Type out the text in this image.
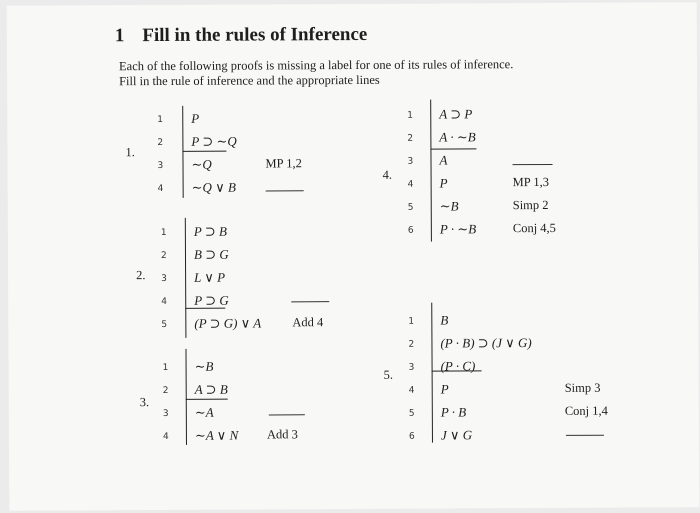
1 Fill in the rules of Inference
Each of the following proofs is missing a label for one of its rules of inference.
Fill in the rule of inference and the appropriate lines
1.
1 P
2 P ⊃ ∼Q
3 ∼Q	MP 1,2
4 ∼Q ∨ B
2.
1 P ⊃ B
2 B ⊃ G
3 L ∨ P
4 P ⊃ G
5 (P ⊃ G) ∨ A Add 4
3.
1 ∼B
2 A ⊃ B
3 ∼A
4 ∼A ∨ N Add 3
4.
1 A ⊃ P
2 A · ∼B
3 A
4 P	MP 1,3
5 ∼B	Simp 2
6 P · ∼B	Conj 4,5
5.
1 B
2 (P · B) ⊃ (J ∨ G)
3 (P · C)
4 P	Simp 3
5 P · B	Conj 1,4
6 J ∨ G
